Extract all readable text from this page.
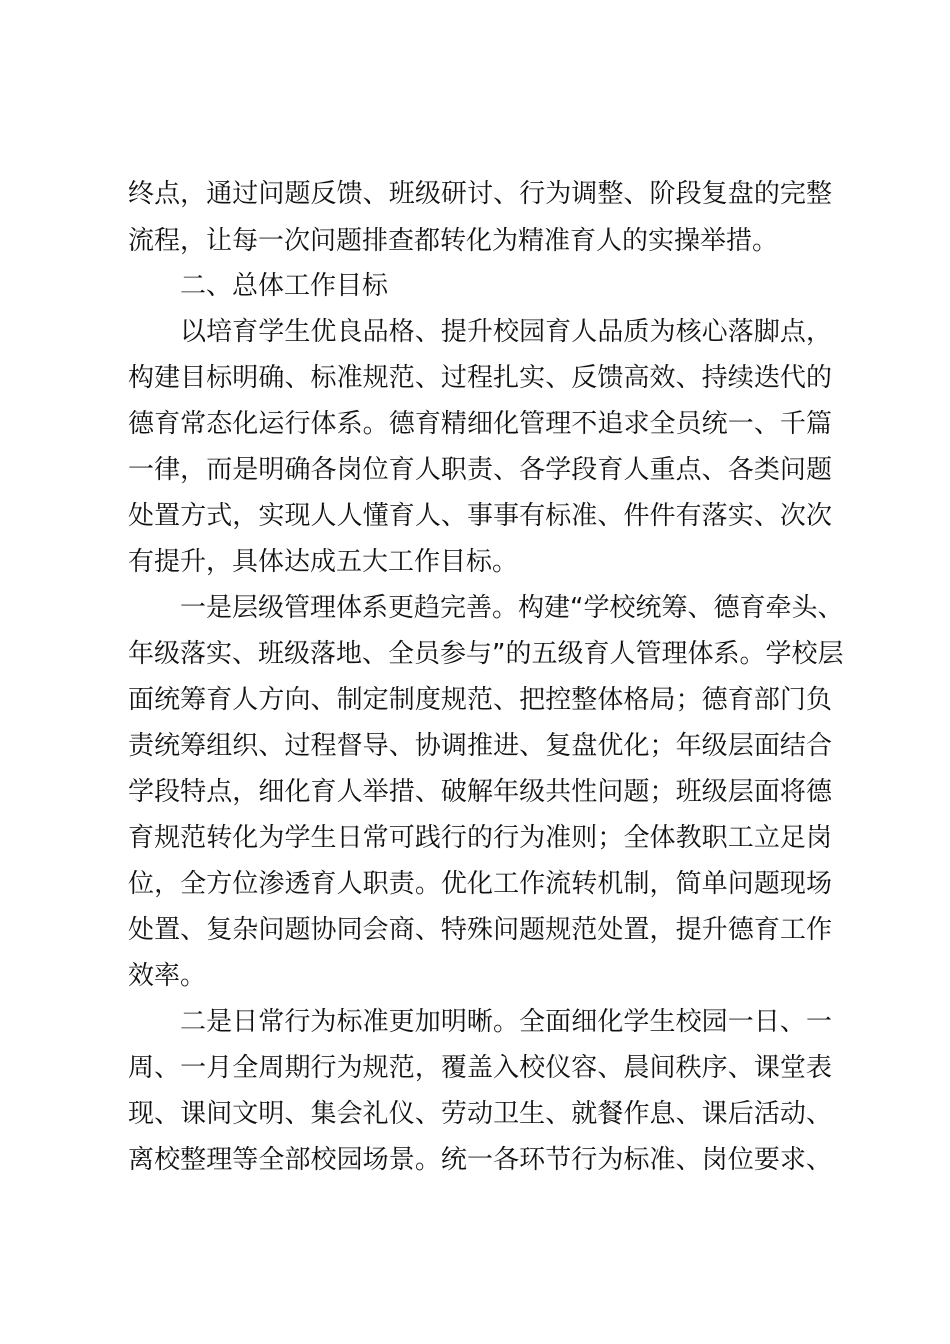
终点，通过问题反馈、班级研讨、行为调整、阶段复盘的完整
流程，让每一次问题排查都转化为精准育人的实操举措。
二、总体工作目标
以培育学生优良品格、提升校园育人品质为核心落脚点，
构建目标明确、标准规范、过程扎实、反馈高效、持续迭代的
德育常态化运行体系。德育精细化管理不追求全员统一、千篇
一律，而是明确各岗位育人职责、各学段育人重点、各类问题
处置方式，实现人人懂育人、事事有标准、件件有落实、次次
有提升，具体达成五大工作目标。
一是层级管理体系更趋完善。构建“学校统筹、德育牵头、
年级落实、班级落地、全员参与”的五级育人管理体系。学校层
面统筹育人方向、制定制度规范、把控整体格局；德育部门负
责统筹组织、过程督导、协调推进、复盘优化；年级层面结合
学段特点，细化育人举措、破解年级共性问题；班级层面将德
育规范转化为学生日常可践行的行为准则；全体教职工立足岗
位，全方位渗透育人职责。优化工作流转机制，简单问题现场
处置、复杂问题协同会商、特殊问题规范处置，提升德育工作
效率。
二是日常行为标准更加明晰。全面细化学生校园一日、一
周、一月全周期行为规范，覆盖入校仪容、晨间秩序、课堂表
现、课间文明、集会礼仪、劳动卫生、就餐作息、课后活动、
离校整理等全部校园场景。统一各环节行为标准、岗位要求、
